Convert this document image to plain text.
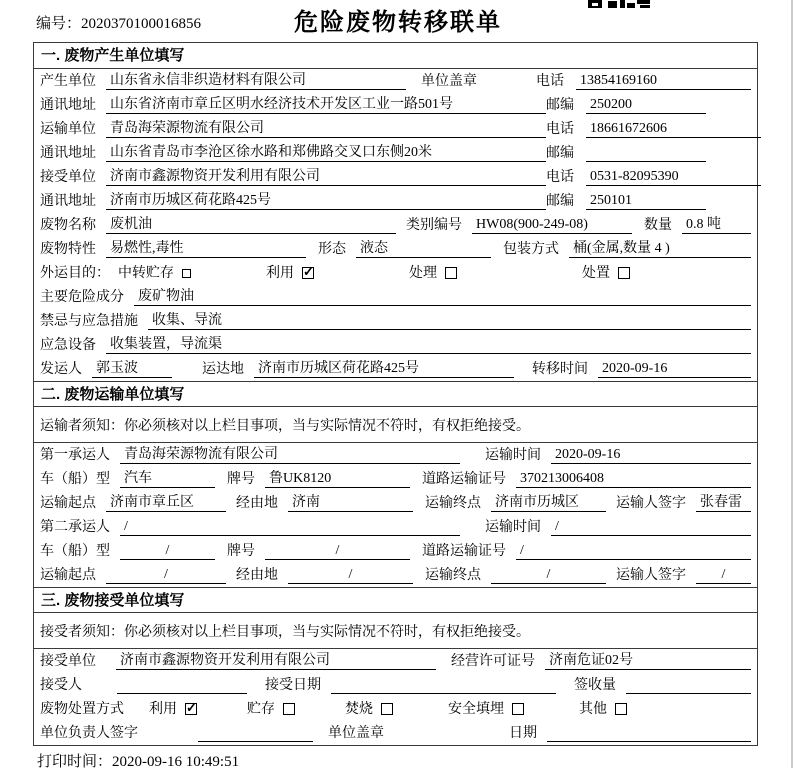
编号：2020370100016856	危险废物转移联单
一. 废物产生单位填写
产生单位 山东省永信非织造材料有限公司	单位盖章	电话 13854169160
通讯地址 山东省济南市章丘区明水经济技术开发区工业一路501号	邮编 250200
运输单位 青岛海荣源物流有限公司	电话 18661672606
通讯地址 山东省青岛市李沧区徐水路和郑佛路交叉口东侧20米	邮编
接受单位 济南市鑫源物资开发利用有限公司	电话 0531-82095390
通讯地址 济南市历城区荷花路425号	邮编 250101
废物名称 废机油	类别编号 HW08(900-249-08)	数量 0.8 吨
废物特性 易燃性,毒性	形态 液态	包装方式 桶(金属,数量 4 )
外运目的： 中转贮存	利用 ✓	处理	处置
主要危险成分 废矿物油
禁忌与应急措施 收集、导流
应急设备 收集装置，导流渠
发运人 郭玉波	运达地 济南市历城区荷花路425号	转移时间 2020-09-16
二. 废物运输单位填写
运输者须知：你必须核对以上栏目事项，当与实际情况不符时，有权拒绝接受。
第一承运人 青岛海荣源物流有限公司	运输时间 2020-09-16
车（船）型 汽车	牌号 鲁UK8120	道路运输证号 370213006408
运输起点 济南市章丘区	经由地 济南	运输终点 济南市历城区	运输人签字 张春雷
第二承运人 /	运输时间 /
车（船）型	/	牌号	/	道路运输证号 /
运输起点	/	经由地	/	运输终点	/	运输人签字	/
三. 废物接受单位填写
接受者须知：你必须核对以上栏目事项，当与实际情况不符时，有权拒绝接受。
接受单位 济南市鑫源物资开发利用有限公司	经营许可证号 济南危证02号
接受人	接受日期	签收量
废物处置方式 利用 ✓	贮存	焚烧	安全填埋	其他
单位负责人签字	单位盖章	日期
打印时间：2020-09-16 10:49:51
